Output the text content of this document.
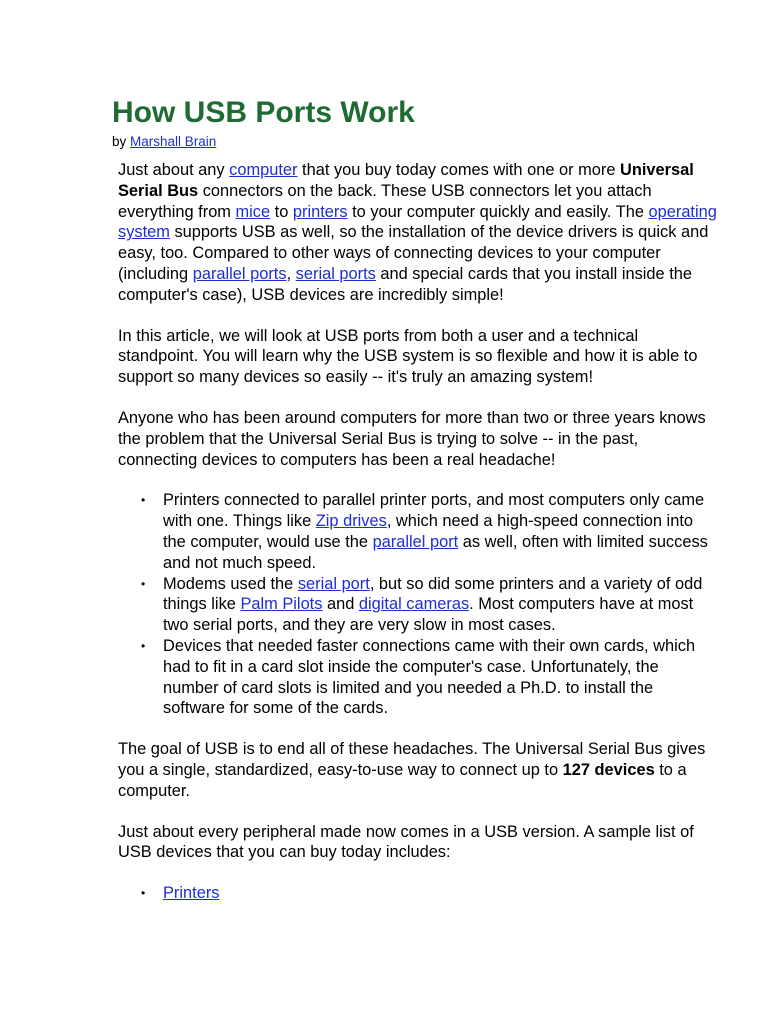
How USB Ports Work
by Marshall Brain

Just about any computer that you buy today comes with one or more Universal Serial Bus connectors on the back. These USB connectors let you attach everything from mice to printers to your computer quickly and easily. The operating system supports USB as well, so the installation of the device drivers is quick and easy, too. Compared to other ways of connecting devices to your computer (including parallel ports, serial ports and special cards that you install inside the computer's case), USB devices are incredibly simple!

In this article, we will look at USB ports from both a user and a technical standpoint. You will learn why the USB system is so flexible and how it is able to support so many devices so easily -- it's truly an amazing system!

Anyone who has been around computers for more than two or three years knows the problem that the Universal Serial Bus is trying to solve -- in the past, connecting devices to computers has been a real headache!

• Printers connected to parallel printer ports, and most computers only came with one. Things like Zip drives, which need a high-speed connection into the computer, would use the parallel port as well, often with limited success and not much speed.
• Modems used the serial port, but so did some printers and a variety of odd things like Palm Pilots and digital cameras. Most computers have at most two serial ports, and they are very slow in most cases.
• Devices that needed faster connections came with their own cards, which had to fit in a card slot inside the computer's case. Unfortunately, the number of card slots is limited and you needed a Ph.D. to install the software for some of the cards.

The goal of USB is to end all of these headaches. The Universal Serial Bus gives you a single, standardized, easy-to-use way to connect up to 127 devices to a computer.

Just about every peripheral made now comes in a USB version. A sample list of USB devices that you can buy today includes:

• Printers
